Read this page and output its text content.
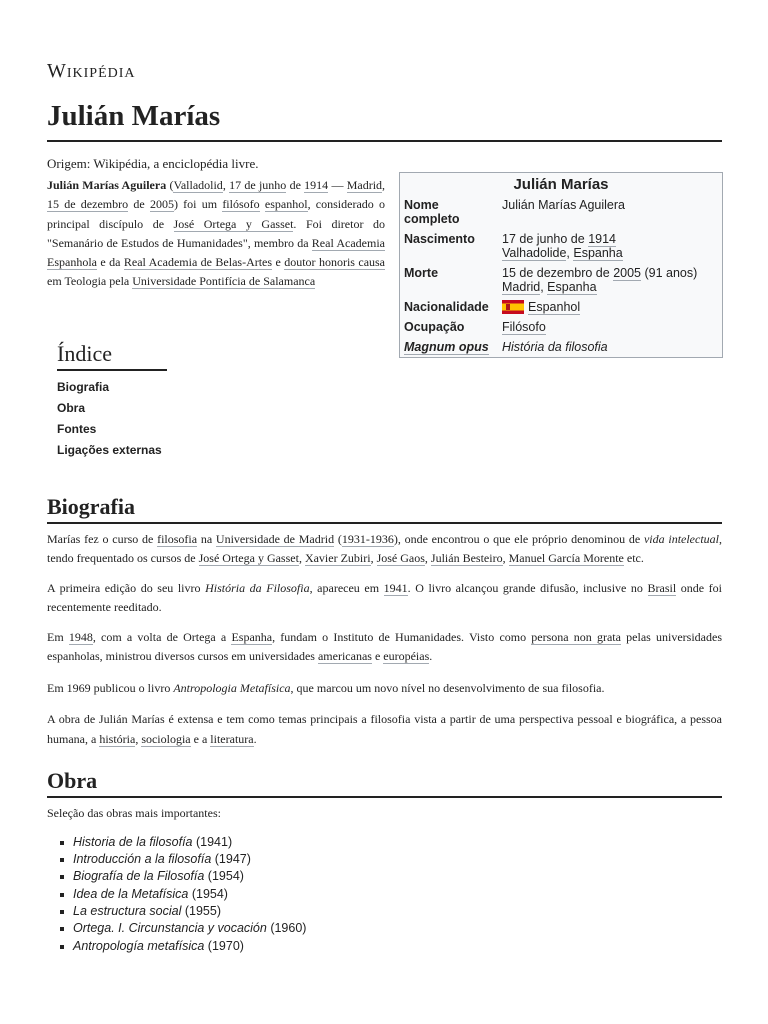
Wikipédia
Julián Marías
Origem: Wikipédia, a enciclopédia livre.
Julián Marías Aguilera (Valladolid, 17 de junho de 1914 — Madrid, 15 de dezembro de 2005) foi um filósofo espanhol, considerado o principal discípulo de José Ortega y Gasset. Foi diretor do "Semanário de Estudos de Humanidades", membro da Real Academia Espanhola e da Real Academia de Belas-Artes e doutor honoris causa em Teologia pela Universidade Pontifícia de Salamanca
Julián Marías
Nome completo	Julián Marías Aguilera
Nascimento	17 de junho de 1914
Valhadolide, Espanha
Morte	15 de dezembro de 2005 (91 anos)
Madrid, Espanha
Nacionalidade	Espanhol
Ocupação	Filósofo
Magnum opus	História da filosofia
Índice
Biografia
Obra
Fontes
Ligações externas
Biografia

Marías fez o curso de filosofia na Universidade de Madrid (1931-1936), onde encontrou o que ele próprio denominou de vida intelectual, tendo frequentado os cursos de José Ortega y Gasset, Xavier Zubiri, José Gaos, Julián Besteiro, Manuel García Morente etc.

A primeira edição do seu livro História da Filosofia, apareceu em 1941. O livro alcançou grande difusão, inclusive no Brasil onde foi recentemente reeditado.

Em 1948, com a volta de Ortega a Espanha, fundam o Instituto de Humanidades. Visto como persona non grata pelas universidades espanholas, ministrou diversos cursos em universidades americanas e européias.

Em 1969 publicou o livro Antropologia Metafísica, que marcou um novo nível no desenvolvimento de sua filosofia.

A obra de Julián Marías é extensa e tem como temas principais a filosofia vista a partir de uma perspectiva pessoal e biográfica, a pessoa humana, a história, sociologia e a literatura.

Obra

Seleção das obras mais importantes:

Historia de la filosofía (1941)
Introducción a la filosofía (1947)
Biografía de la Filosofía (1954)
Idea de la Metafísica (1954)
La estructura social (1955)
Ortega. I. Circunstancia y vocación (1960)
Antropología metafísica (1970)
